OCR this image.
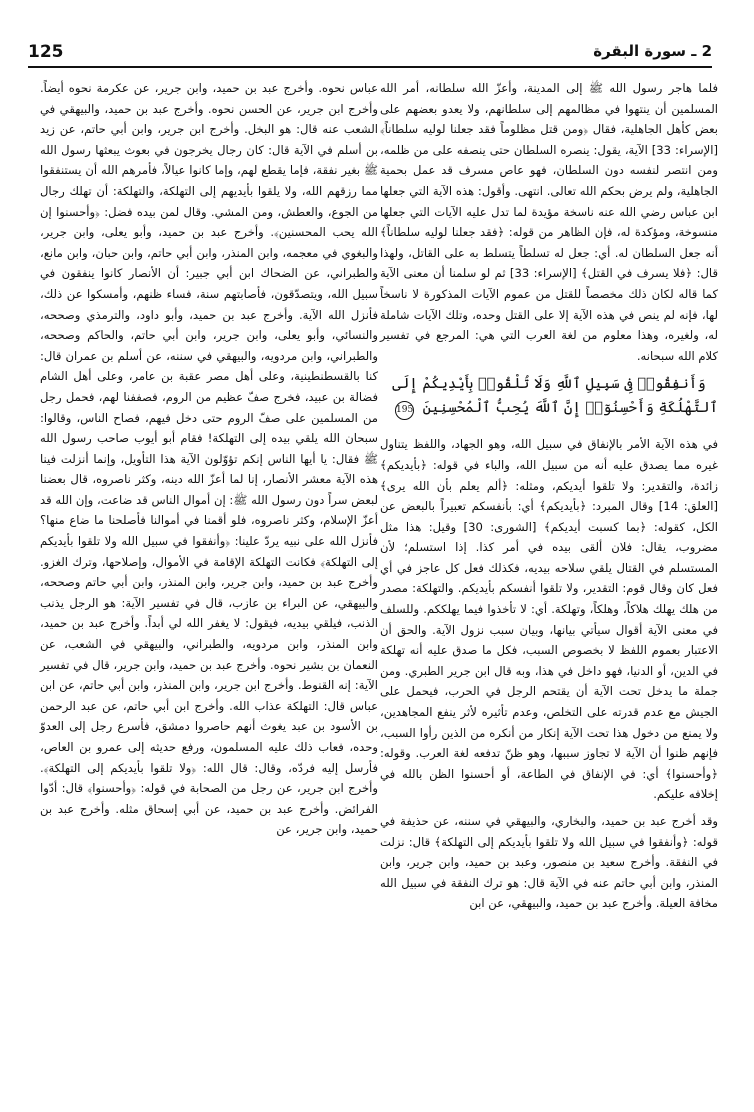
125	2 ـ سورة البقرة

فلما هاجر رسول الله ﷺ إلى المدينة، وأعزّ الله سلطانه، أمر الله المسلمين أن ينتهوا في مظالمهم إلى سلطانهم، ولا يعدو بعضهم على بعض كأهل الجاهلية، فقال ﴿ومن قتل مظلوماً فقد جعلنا لوليه سلطاناً﴾ [الإسراء: 33] الآية، يقول: ينصره السلطان حتى ينصفه على من ظلمه، ومن انتصر لنفسه دون السلطان، فهو عاص مسرف قد عمل بحمية الجاهلية، ولم يرض بحكم الله تعالى. انتهى. وأقول: هذه الآية التي جعلها ابن عباس رضي الله عنه ناسخة مؤيدة لما تدل عليه الآيات التي جعلها منسوخة، ومؤكدة له، فإن الظاهر من قوله: ﴿فقد جعلنا لوليه سلطاناً﴾ أنه جعل السلطان له. أي: جعل له تسلطاً يتسلط به على القاتل، ولهذا قال: ﴿فلا يسرف في القتل﴾ [الإسراء: 33] ثم لو سلمنا أن معنى الآية كما قاله لكان ذلك مخصصاً للقتل من عموم الآيات المذكورة لا ناسخاً لها، فإنه لم ينص في هذه الآية إلا على القتل وحده، وتلك الآيات شاملة له، ولغيره، وهذا معلوم من لغة العرب التي هي: المرجع في تفسير كلام الله سبحانه.

وَأَنفِقُوا۟ فِى سَبِيلِ ٱللَّهِ وَلَا تُلْقُوا۟ بِأَيْدِيكُمْ إِلَى ٱلتَّهْلُكَةِ وَأَحْسِنُوٓا۟ إِنَّ ٱللَّهَ يُحِبُّ ٱلْمُحْسِنِينَ 195

في هذه الآية الأمر بالإنفاق في سبيل الله، وهو الجهاد، واللفظ يتناول غيره مما يصدق عليه أنه من سبيل الله، والباء في قوله: ﴿بأيديكم﴾ زائدة، والتقدير: ولا تلقوا أيديكم، ومثله: ﴿ألم يعلم بأن الله يرى﴾ [العلق: 14] وقال المبرد: ﴿بأيديكم﴾ أي: بأنفسكم تعبيراً بالبعض عن الكل، كقوله: ﴿بما كسبت أيديكم﴾ [الشورى: 30] وقيل: هذا مثل مضروب، يقال: فلان ألقى بيده في أمر كذا. إذا استسلم؛ لأن المستسلم في القتال يلقي سلاحه بيديه، فكذلك فعل كل عاجز في أي فعل كان وقال قوم: التقدير، ولا تلقوا أنفسكم بأيديكم. والتهلكة: مصدر من هلك يهلك هلاكاً، وهلكاً، وتهلكة. أي: لا تأخذوا فيما يهلككم. وللسلف في معنى الآية أقوال سيأتي بيانها، وبيان سبب نزول الآية. والحق أن الاعتبار بعموم اللفظ لا بخصوص السبب، فكل ما صدق عليه أنه تهلكة في الدين، أو الدنيا، فهو داخل في هذا، وبه قال ابن جرير الطبري. ومن جملة ما يدخل تحت الآية أن يقتحم الرجل في الحرب، فيحمل على الجيش مع عدم قدرته على التخلص، وعدم تأثيره لأثر ينفع المجاهدين، ولا يمنع من دخول هذا تحت الآية إنكار من أنكره من الذين رأوا السبب، فإنهم ظنوا أن الآية لا تجاوز سببها، وهو ظنّ تدفعه لغة العرب. وقوله: ﴿وأحسنوا﴾ أي: في الإنفاق في الطاعة، أو أحسنوا الظن بالله في إخلافه عليكم.

وقد أخرج عبد بن حميد، والبخاري، والبيهقي في سننه، عن حذيفة في قوله: ﴿وأنفقوا في سبيل الله ولا تلقوا بأيديكم إلى التهلكة﴾ قال: نزلت في النفقة. وأخرج سعيد بن منصور، وعبد بن حميد، وابن جرير، وابن المنذر، وابن أبي حاتم عنه في الآية قال: هو ترك النفقة في سبيل الله مخافة العيلة. وأخرج عبد بن حميد، والبيهقي، عن ابن

عباس نحوه. وأخرج عبد بن حميد، وابن جرير، عن عكرمة نحوه أيضاً. وأخرج ابن جرير، عن الحسن نحوه. وأخرج عبد بن حميد، والبيهقي في الشعب عنه قال: هو البخل. وأخرج ابن جرير، وابن أبي حاتم، عن زيد بن أسلم في الآية قال: كان رجال يخرجون في بعوث يبعثها رسول الله ﷺ بغير نفقة، فإما يقطع لهم، وإما كانوا عيالاً، فأمرهم الله أن يستنفقوا مما رزقهم الله، ولا يلقوا بأيديهم إلى التهلكة، والتهلكة: أن تهلك رجال من الجوع، والعطش، ومن المشي. وقال لمن بيده فضل: ﴿وأحسنوا إن الله يحب المحسنين﴾. وأخرج عبد بن حميد، وأبو يعلى، وابن جرير، والبغوي في معجمه، وابن المنذر، وابن أبي حاتم، وابن حبان، وابن مانع، والطبراني، عن الضحاك ابن أبي جبير: أن الأنصار كانوا ينفقون في سبيل الله، ويتصدّقون، فأصابتهم سنة، فساء ظنهم، وأمسكوا عن ذلك، فأنزل الله الآية. وأخرج عبد بن حميد، وأبو داود، والترمذي وصححه، والنسائي، وأبو يعلى، وابن جرير، وابن أبي حاتم، والحاكم وصححه، والطبراني، وابن مردويه، والبيهقي في سننه، عن أسلم بن عمران قال: كنا بالقسطنطينية، وعلى أهل مصر عقبة بن عامر، وعلى أهل الشام فضالة بن عبيد، فخرج صفّ عظيم من الروم، فصففنا لهم، فحمل رجل من المسلمين على صفّ الروم حتى دخل فيهم، فصاح الناس، وقالوا: سبحان الله يلقي بيده إلى التهلكة! فقام أبو أيوب صاحب رسول الله ﷺ فقال: يا أيها الناس إنكم تؤوّلون الآية هذا التأويل، وإنما أنزلت فينا هذه الآية معشر الأنصار، إنا لما أعزّ الله دينه، وكثر ناصروه، قال بعضنا لبعض سراً دون رسول الله ﷺ: إن أموال الناس قد ضاعت، وإن الله قد أعزّ الإسلام، وكثر ناصروه، فلو أقمنا في أموالنا فأصلحنا ما ضاع منها؟ فأنزل الله على نبيه يردّ علينا: ﴿وأنفقوا في سبيل الله ولا تلقوا بأيديكم إلى التهلكة﴾ فكانت التهلكة الإقامة في الأموال، وإصلاحها، وترك الغزو. وأخرج عبد بن حميد، وابن جرير، وابن المنذر، وابن أبي حاتم وصححه، والبيهقي، عن البراء بن عازب، قال في تفسير الآية: هو الرجل يذنب الذنب، فيلقي بيديه، فيقول: لا يغفر الله لي أبداً. وأخرج عبد بن حميد، وابن المنذر، وابن مردويه، والطبراني، والبيهقي في الشعب، عن النعمان بن بشير نحوه. وأخرج عبد بن حميد، وابن جرير، قال في تفسير الآية: إنه القنوط. وأخرج ابن جرير، وابن المنذر، وابن أبي حاتم، عن ابن عباس قال: التهلكة عذاب الله. وأخرج ابن أبي حاتم، عن عبد الرحمن بن الأسود بن عبد يغوث أنهم حاصروا دمشق، فأسرع رجل إلى العدوّ وحده، فعاب ذلك عليه المسلمون، ورفع حديثه إلى عمرو بن العاص، فأرسل إليه فردّه، وقال: قال الله: ﴿ولا تلقوا بأيديكم إلى التهلكة﴾. وأخرج ابن جرير، عن رجل من الصحابة في قوله: ﴿وأحسنوا﴾ قال: أدّوا الفرائض. وأخرج عبد بن حميد، عن أبي إسحاق مثله. وأخرج عبد بن حميد، وابن جرير، عن
